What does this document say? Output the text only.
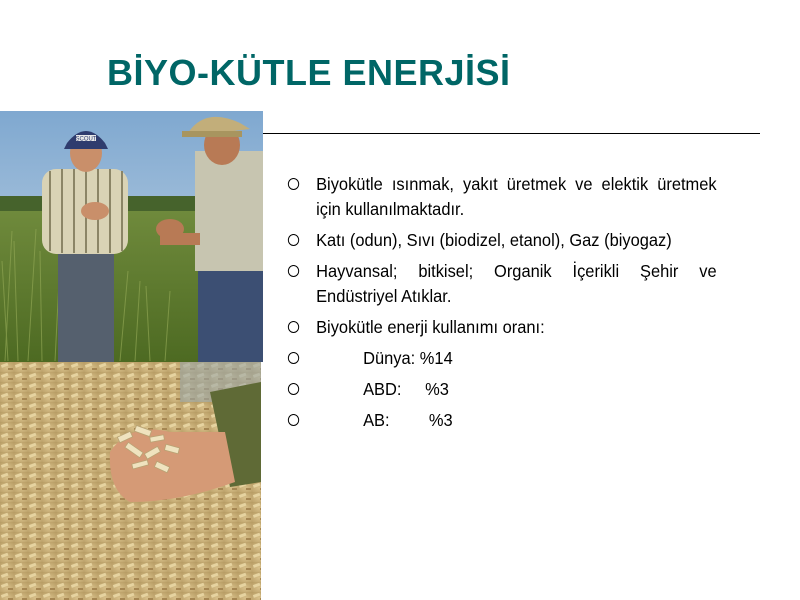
BİYO-KÜTLE ENERJİSİ
SCOUT
Biyokütle ısınmak, yakıt üretmek ve elektik üretmek için kullanılmaktadır.
Katı (odun), Sıvı (biodizel, etanol), Gaz (biyogaz)
Hayvansal; bitkisel; Organik İçerikli Şehir ve Endüstriyel Atıklar.
Biyokütle enerji kullanımı oranı:
Dünya: %14
ABD: %3
AB: %3
